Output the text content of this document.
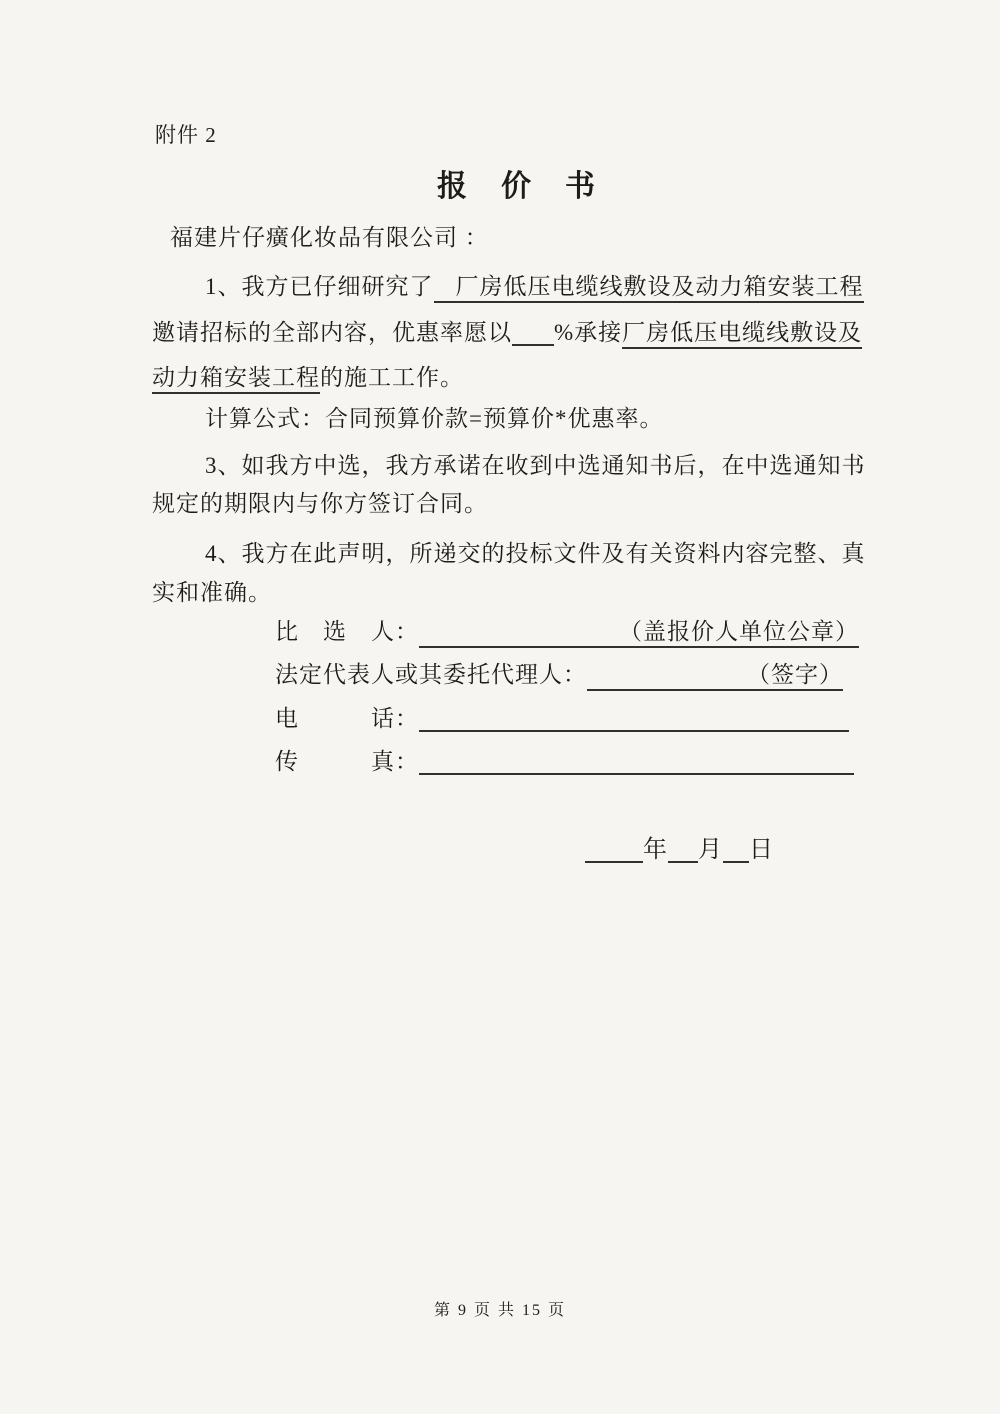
附件 2
报价书
福建片仔癀化妆品有限公司 ：
1、我方已仔细研究了 厂房低压电缆线敷设及动力箱安装工程
邀请招标的全部内容，优惠率愿以 %承接厂房低压电缆线敷设及
动力箱安装工程的施工工作。
计算公式：合同预算价款=预算价*优惠率。
3、如我方中选，我方承诺在收到中选通知书后，在中选通知书
规定的期限内与你方签订合同。
4、我方在此声明，所递交的投标文件及有关资料内容完整、真
实和准确。
比　选　人：	（盖报价人单位公章）
法定代表人或其委托代理人：	（签字）
电　　　话：
传　　　真：
年 月 日
第 9 页 共 15 页
